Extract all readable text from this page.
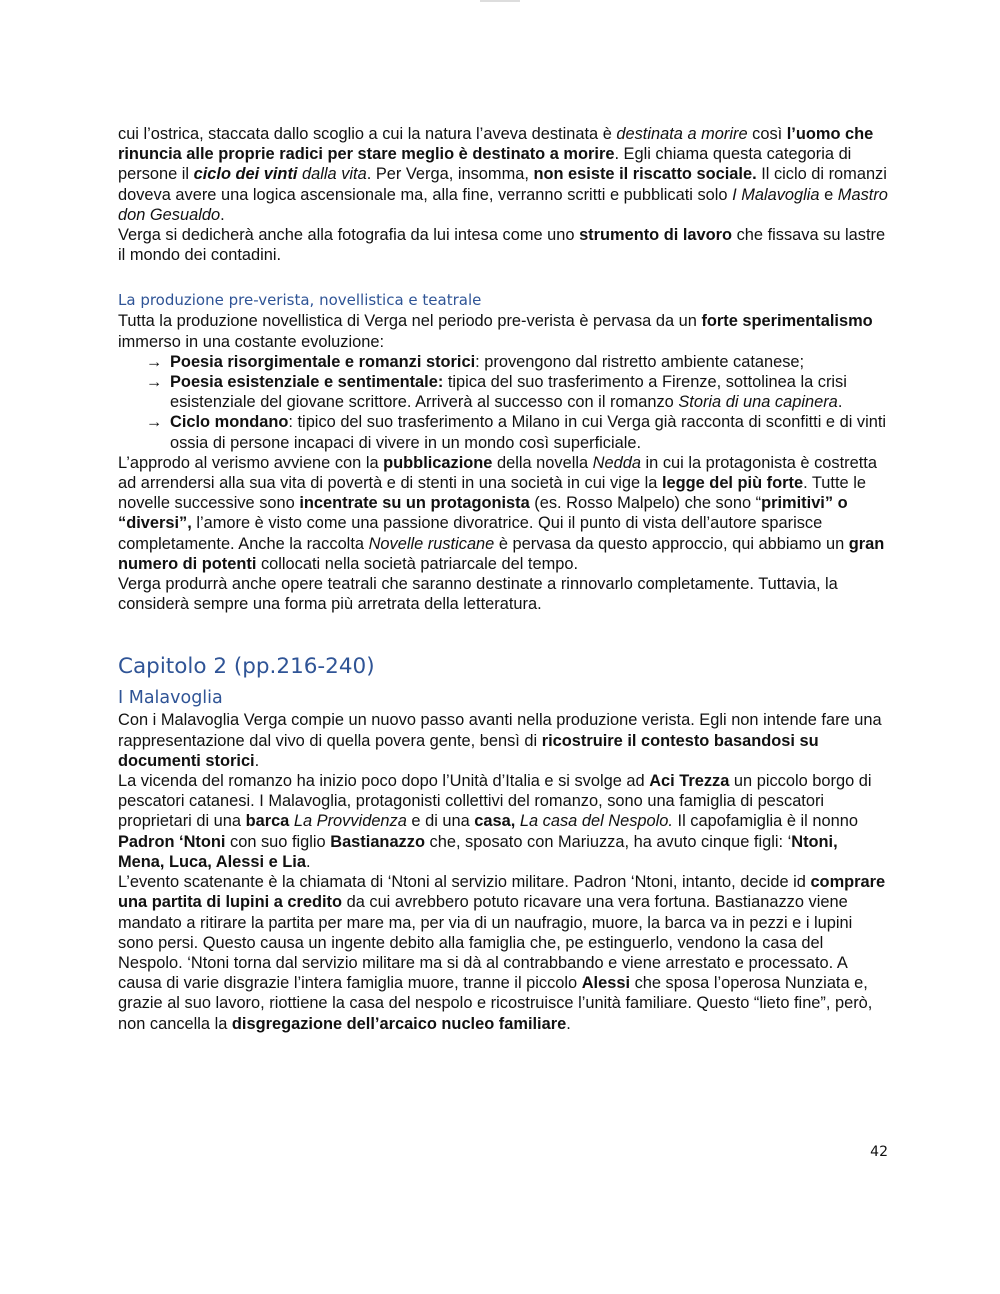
cui l’ostrica, staccata dallo scoglio a cui la natura l’aveva destinata è destinata a morire così l’uomo che rinuncia alle proprie radici per stare meglio è destinato a morire. Egli chiama questa categoria di persone il ciclo dei vinti dalla vita. Per Verga, insomma, non esiste il riscatto sociale. Il ciclo di romanzi doveva avere una logica ascensionale ma, alla fine, verranno scritti e pubblicati solo I Malavoglia e Mastro don Gesualdo.

Verga si dedicherà anche alla fotografia da lui intesa come uno strumento di lavoro che fissava su lastre il mondo dei contadini.

La produzione pre-verista, novellistica e teatrale

Tutta la produzione novellistica di Verga nel periodo pre-verista è pervasa da un forte sperimentalismo immerso in una costante evoluzione:

→ Poesia risorgimentale e romanzi storici: provengono dal ristretto ambiente catanese;
→ Poesia esistenziale e sentimentale: tipica del suo trasferimento a Firenze, sottolinea la crisi esistenziale del giovane scrittore. Arriverà al successo con il romanzo Storia di una capinera.
→ Ciclo mondano: tipico del suo trasferimento a Milano in cui Verga già racconta di sconfitti e di vinti ossia di persone incapaci di vivere in un mondo così superficiale.

L’approdo al verismo avviene con la pubblicazione della novella Nedda in cui la protagonista è costretta ad arrendersi alla sua vita di povertà e di stenti in una società in cui vige la legge del più forte. Tutte le novelle successive sono incentrate su un protagonista (es. Rosso Malpelo) che sono “primitivi” o “diversi”, l’amore è visto come una passione divoratrice. Qui il punto di vista dell’autore sparisce completamente. Anche la raccolta Novelle rusticane è pervasa da questo approccio, qui abbiamo un gran numero di potenti collocati nella società patriarcale del tempo.

Verga produrrà anche opere teatrali che saranno destinate a rinnovarlo completamente. Tuttavia, la considerà sempre una forma più arretrata della letteratura.

Capitolo 2 (pp.216-240)
I Malavoglia

Con i Malavoglia Verga compie un nuovo passo avanti nella produzione verista. Egli non intende fare una rappresentazione dal vivo di quella povera gente, bensì di ricostruire il contesto basandosi su documenti storici.

La vicenda del romanzo ha inizio poco dopo l’Unità d’Italia e si svolge ad Aci Trezza un piccolo borgo di pescatori catanesi. I Malavoglia, protagonisti collettivi del romanzo, sono una famiglia di pescatori proprietari di una barca La Provvidenza e di una casa, La casa del Nespolo. Il capofamiglia è il nonno Padron ‘Ntoni con suo figlio Bastianazzo che, sposato con Mariuzza, ha avuto cinque figli: ‘Ntoni, Mena, Luca, Alessi e Lia.

L’evento scatenante è la chiamata di ‘Ntoni al servizio militare. Padron ‘Ntoni, intanto, decide id comprare una partita di lupini a credito da cui avrebbero potuto ricavare una vera fortuna. Bastianazzo viene mandato a ritirare la partita per mare ma, per via di un naufragio, muore, la barca va in pezzi e i lupini sono persi. Questo causa un ingente debito alla famiglia che, pe estinguerlo, vendono la casa del Nespolo. ‘Ntoni torna dal servizio militare ma si dà al contrabbando e viene arrestato e processato. A causa di varie disgrazie l’intera famiglia muore, tranne il piccolo Alessi che sposa l’operosa Nunziata e, grazie al suo lavoro, riottiene la casa del nespolo e ricostruisce l’unità familiare. Questo “lieto fine”, però, non cancella la disgregazione dell’arcaico nucleo familiare.

42
